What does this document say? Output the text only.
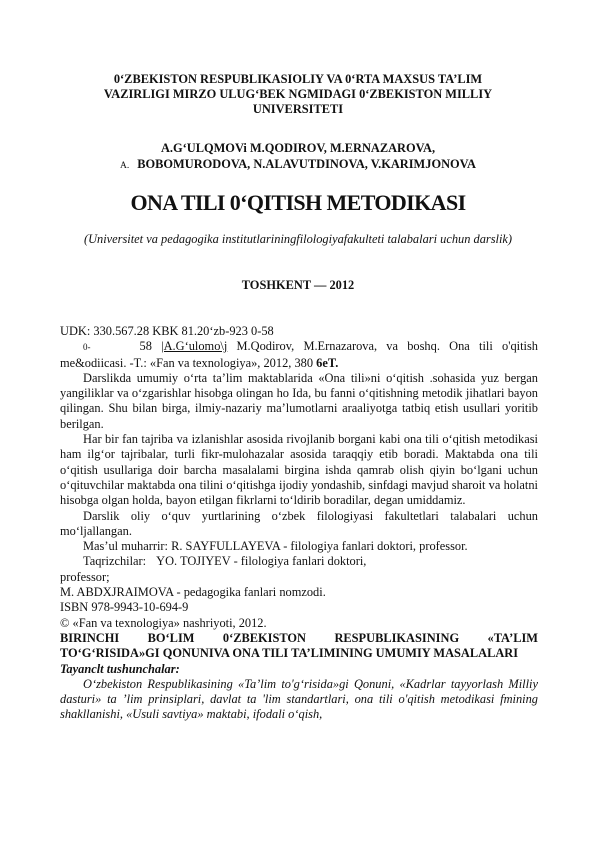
0‘ZBEKISTON RESPUBLIKASIOLIY VA 0‘RTA MAXSUS TA’LIM
VAZIRLIGI MIRZO ULUG‘BEK NGMIDAGI 0‘ZBEKISTON MILLIY
UNIVERSITETI
A.G‘ULQMOVi M.QODIROV, M.ERNAZAROVA,
A. BOBOMURODOVA, N.ALAVUTDINOVA, V.KARIMJONOVA
ONA TILI 0‘QITISH METODIKASI
(Universitet va pedagogika institutlariningfilologiyafakulteti talabalari uchun darslik)
TOSHKENT — 2012

UDK: 330.567.28 KBK 81.20‘zb-923 0-58

0-	58 |A.G‘ulomo\j M.Qodirov, M.Ernazarova, va boshq. Ona tili o'qitish me&odiicasi. -T.: «Fan va texnologiya», 2012, 380 6eT.

Darslikda umumiy o‘rta ta’lim maktablarida «Ona tili»ni o‘qitish .sohasida yuz bergan yangiliklar va o‘zgarishlar hisobga olingan ho Ida, bu fanni o‘qitishning metodik jihatlari bayon qilingan. Shu bilan birga, ilmiy-nazariy ma’lumotlarni araaliyotga tatbiq etish usullari yoritib berilgan.

Har bir fan tajriba va izlanishlar asosida rivojlanib borgani kabi ona tili o‘qitish metodikasi ham ilg‘or tajribalar, turli fikr-mulohazalar asosida taraqqiy etib boradi. Maktabda ona tili o‘qitish usullariga doir barcha masalalami birgina ishda qamrab olish qiyin bo‘lgani uchun o‘qituvchilar maktabda ona tilini o‘qitishga ijodiy yondashib, sinfdagi mavjud sharoit va holatni hisobga olgan holda, bayon etilgan fikrlarni to‘ldirib boradilar, degan umiddamiz.

Darslik oliy o‘quv yurtlarining o‘zbek filologiyasi fakultetlari talabalari uchun mo‘ljallangan.

Mas’ul muharrir: R. SAYFULLAYEVA - filologiya fanlari doktori, professor.

Taqrizchilar: YO. TOJIYEV - filologiya fanlari doktori,

professor;

M. ABDXJRAIMOVA - pedagogika fanlari nomzodi.

ISBN 978-9943-10-694-9

© «Fan va texnologiya» nashriyoti, 2012.

BIRINCHI BO‘LIM 0‘ZBEKISTON RESPUBLIKASINING «TA’LIM TO‘G‘RISIDA»GI QONUNIVA ONA TILI TA’LIMINING UMUMIY MASALALARI

Tayanclt tushunchalar:

O‘zbekiston Respublikasining «Ta’lim to'g‘risida»gi Qonuni, «Kadrlar tayyorlash Milliy dasturi» ta ’lim prinsiplari, davlat ta 'lim standartlari, ona tili o'qitish metodikasi fmining shakllanishi, «Usuli savtiya» maktabi, ifodali o‘qish,
